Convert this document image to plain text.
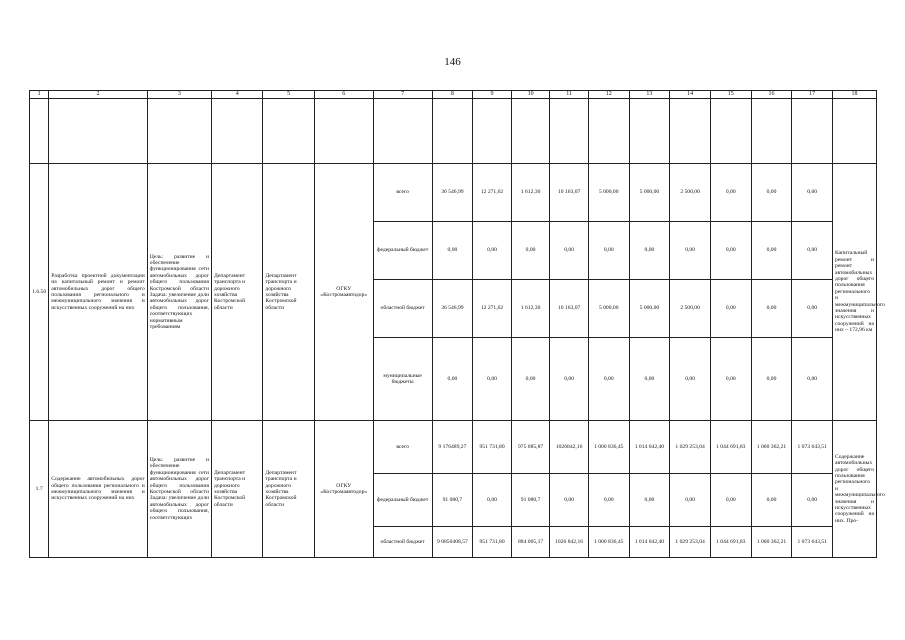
146
1	2	3	4	5	6	7	8	9	10	11	12	13	14	15	16	17	18

1.6.50	Разработка проектной документации на капитальный ремонт и ремонт автомобильных дорог общего пользования регионального и межмуниципального значения и искусственных сооружений на них	Цель: развитие и обеспечение функционирования сети автомобильных дорог общего пользования Костромской области Задача: увеличение доли автомобильных дорог общего пользования, соответствующих нормативным требованиям	Департамент транспорта и дорожного хозяйства Костромской области	Департамент транспорта и дорожного хозяйства Костромской области	ОГКУ «Костромаавтодор»	всего	36 546,99	12 271,62	1 612,30	10 163,07	5 000,00	5 000,00	2 500,00	0,00	0,00	0,00	Капитальный ремонт и ремонт автомобильных дорог общего пользования регионального и межмуниципального значения и искусственных сооружений на них – 172,96 км
						федеральный бюджет	0,00	0,00	0,00	0,00	0,00	0,00	0,00	0,00	0,00	0,00	
						областной бюджет	36 546,99	12 271,62	1 612,30	10 163,07	5 000,00	5 000,00	2 500,00	0,00	0,00	0,00	
						муниципальные бюджеты	0,00	0,00	0,00	0,00	0,00	0,00	0,00	0,00	0,00	0,00	
1.7	Содержание автомобильных дорог общего пользования регионального и межмуниципального значения и искусственных сооружений на них	Цель: развитие и обеспечение функционирования сети автомобильных дорог общего пользования Костромской области Задача: увеличение доли автомобильных дорог общего пользования, соответствующих	Департамент транспорта и дорожного хозяйства Костромской области	Департамент транспорта и дорожного хозяйства Костромской области	ОГКУ «Костромаавтодор»	всего	9 176489,27	951 731,80	975 085,87	1026842,16	1 000 836,45	1 014 042,40	1 029 253,04	1 044 691,83	1 060 362,21	1 073 643,51	Содержание автомобильных дорог общего пользования регионального и межмуниципального значения и искусственных сооружений на них. Про-
						федеральный бюджет	91 080,7	0,00	91 080,7	0,00	0,00	0,00	0,00	0,00	0,00	0,00	
						областной бюджет	9 0850408,57	951 731,80	884 005,17	1026 842,16	1 000 836,45	1 014 042,40	1 029 253,04	1 044 691,83	1 060 362,21	1 073 643,51	
